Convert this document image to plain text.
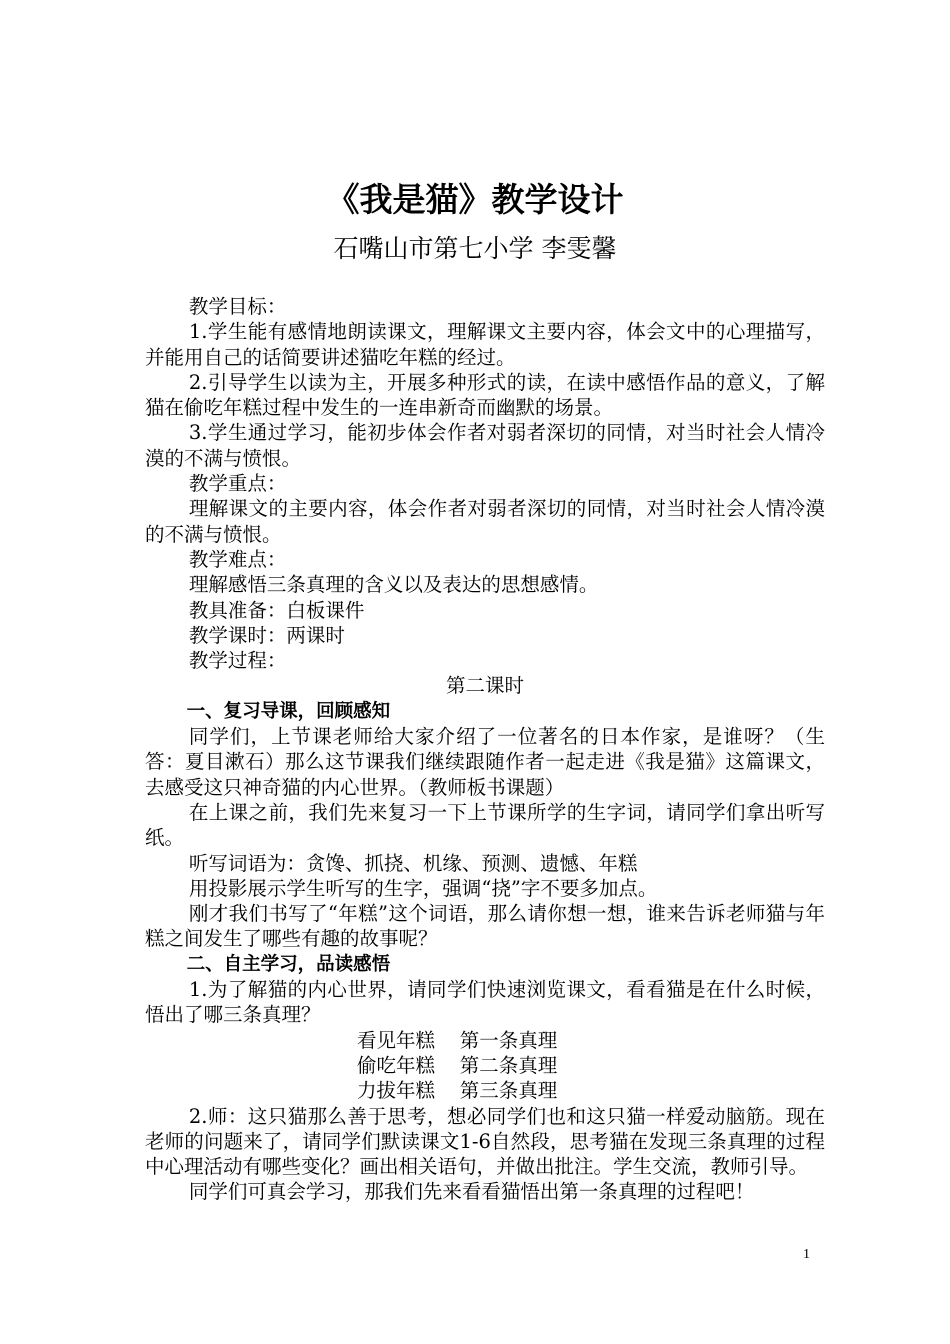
《我是猫》教学设计
石嘴山市第七小学 李雯馨

教学目标：

1.学生能有感情地朗读课文，理解课文主要内容，体会文中的心理描写，并能用自己的话简要讲述猫吃年糕的经过。

2.引导学生以读为主，开展多种形式的读，在读中感悟作品的意义，了解猫在偷吃年糕过程中发生的一连串新奇而幽默的场景。

3.学生通过学习，能初步体会作者对弱者深切的同情，对当时社会人情冷漠的不满与愤恨。

教学重点：

理解课文的主要内容，体会作者对弱者深切的同情，对当时社会人情冷漠的不满与愤恨。

教学难点：

理解感悟三条真理的含义以及表达的思想感情。

教具准备：白板课件

教学课时：两课时

教学过程：

第二课时

一、复习导课，回顾感知

同学们，上节课老师给大家介绍了一位著名的日本作家，是谁呀？（生答：夏目漱石）那么这节课我们继续跟随作者一起走进《我是猫》这篇课文，去感受这只神奇猫的内心世界。（教师板书课题）

在上课之前，我们先来复习一下上节课所学的生字词，请同学们拿出听写纸。

听写词语为：贪馋、抓挠、机缘、预测、遗憾、年糕

用投影展示学生听写的生字，强调“挠”字不要多加点。

刚才我们书写了“年糕”这个词语，那么请你想一想，谁来告诉老师猫与年糕之间发生了哪些有趣的故事呢？

二、自主学习，品读感悟

1.为了解猫的内心世界，请同学们快速浏览课文，看看猫是在什么时候，悟出了哪三条真理？

看见年糕    第一条真理

偷吃年糕    第二条真理

力拔年糕    第三条真理

2.师：这只猫那么善于思考，想必同学们也和这只猫一样爱动脑筋。现在老师的问题来了，请同学们默读课文1-6自然段，思考猫在发现三条真理的过程中心理活动有哪些变化？画出相关语句，并做出批注。学生交流，教师引导。

同学们可真会学习，那我们先来看看猫悟出第一条真理的过程吧！

1
